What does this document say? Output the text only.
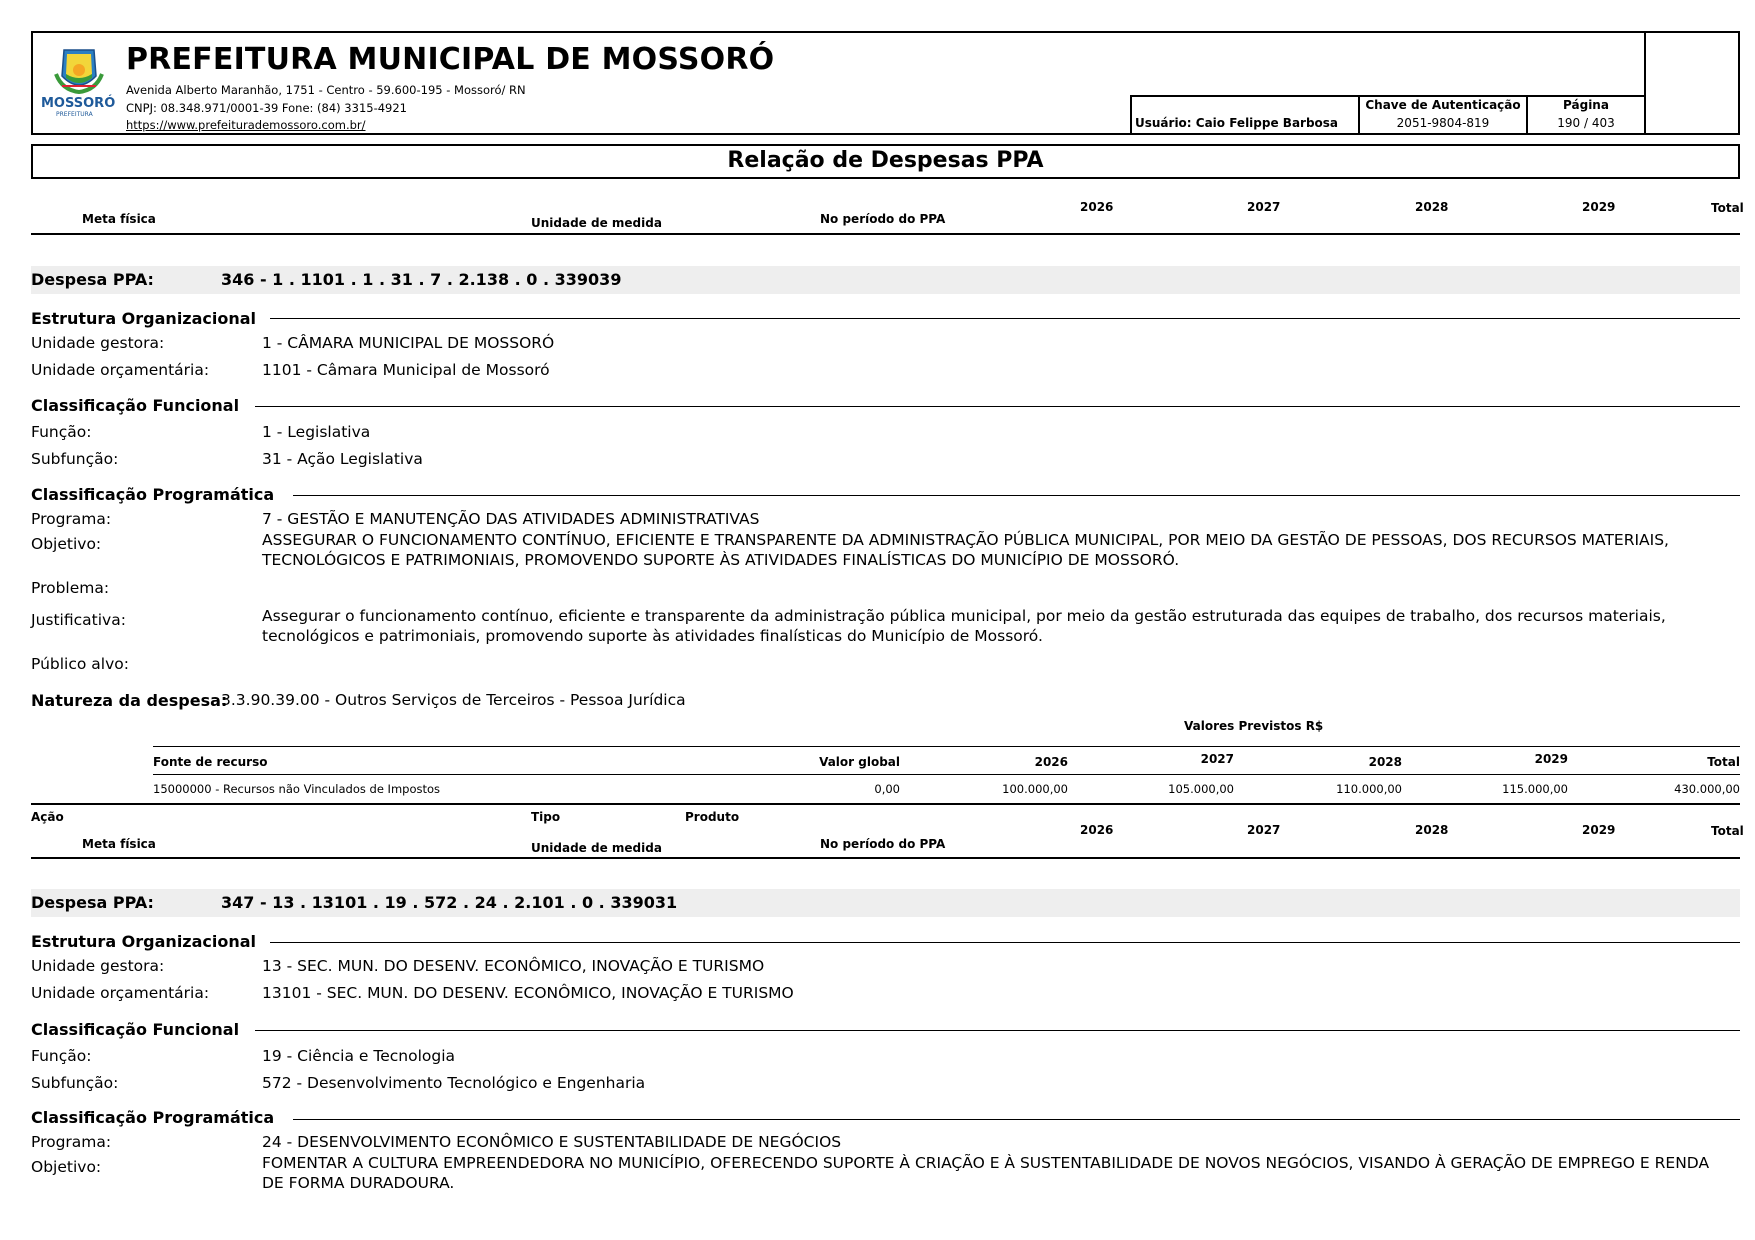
MOSSORÓ
PREFEITURA
PREFEITURA MUNICIPAL DE MOSSORÓ
Avenida Alberto Maranhão, 1751 - Centro - 59.600-195 - Mossoró/ RN
CNPJ: 08.348.971/0001-39 Fone: (84) 3315-4921
https://www.prefeiturademossoro.com.br/	Usuário: Caio Felippe Barbosa
Chave de Autenticação
2051-9804-819
Página
190 / 403
Relação de Despesas PPA
Meta física	Unidade de medida	No período do PPA
2026	2027	2028	2029	Total
Despesa PPA:	346 - 1 . 1101 . 1 . 31 . 7 . 2.138 . 0 . 339039
Estrutura Organizacional
Unidade gestora:	1 - CÂMARA MUNICIPAL DE MOSSORÓ
Unidade orçamentária:	1101 - Câmara Municipal de Mossoró
Classificação Funcional
Função:	1 - Legislativa
Subfunção:	31 - Ação Legislativa
Classificação Programática
Programa:	7 - GESTÃO E MANUTENÇÃO DAS ATIVIDADES ADMINISTRATIVAS
Objetivo:	ASSEGURAR O FUNCIONAMENTO CONTÍNUO, EFICIENTE E TRANSPARENTE DA ADMINISTRAÇÃO PÚBLICA MUNICIPAL, POR MEIO DA GESTÃO DE PESSOAS, DOS RECURSOS MATERIAIS, TECNOLÓGICOS E PATRIMONIAIS, PROMOVENDO SUPORTE ÀS ATIVIDADES FINALÍSTICAS DO MUNICÍPIO DE MOSSORÓ.
Problema:
Justificativa:	Assegurar o funcionamento contínuo, eficiente e transparente da administração pública municipal, por meio da gestão estruturada das equipes de trabalho, dos recursos materiais, tecnológicos e patrimoniais, promovendo suporte às atividades finalísticas do Município de Mossoró.
Público alvo:
Natureza da despesa:
3.3.90.39.00 - Outros Serviços de Terceiros - Pessoa Jurídica
Valores Previstos R$
Fonte de recurso	Valor global	2026	2027	2028	2029	Total
15000000 - Recursos não Vinculados de Impostos	0,00	100.000,00	105.000,00	110.000,00	115.000,00	430.000,00
Ação	Tipo	Produto
Meta física	Unidade de medida	No período do PPA
2026	2027	2028	2029	Total
Despesa PPA:	347 - 13 . 13101 . 19 . 572 . 24 . 2.101 . 0 . 339031
Estrutura Organizacional
Unidade gestora:	13 - SEC. MUN. DO DESENV. ECONÔMICO, INOVAÇÃO E TURISMO
Unidade orçamentária:	13101 - SEC. MUN. DO DESENV. ECONÔMICO, INOVAÇÃO E TURISMO
Classificação Funcional
Função:	19 - Ciência e Tecnologia
Subfunção:	572 - Desenvolvimento Tecnológico e Engenharia
Classificação Programática
Programa:	24 - DESENVOLVIMENTO ECONÔMICO E SUSTENTABILIDADE DE NEGÓCIOS
Objetivo:	FOMENTAR A CULTURA EMPREENDEDORA NO MUNICÍPIO, OFERECENDO SUPORTE À CRIAÇÃO E À SUSTENTABILIDADE DE NOVOS NEGÓCIOS, VISANDO À GERAÇÃO DE EMPREGO E RENDA DE FORMA DURADOURA.
